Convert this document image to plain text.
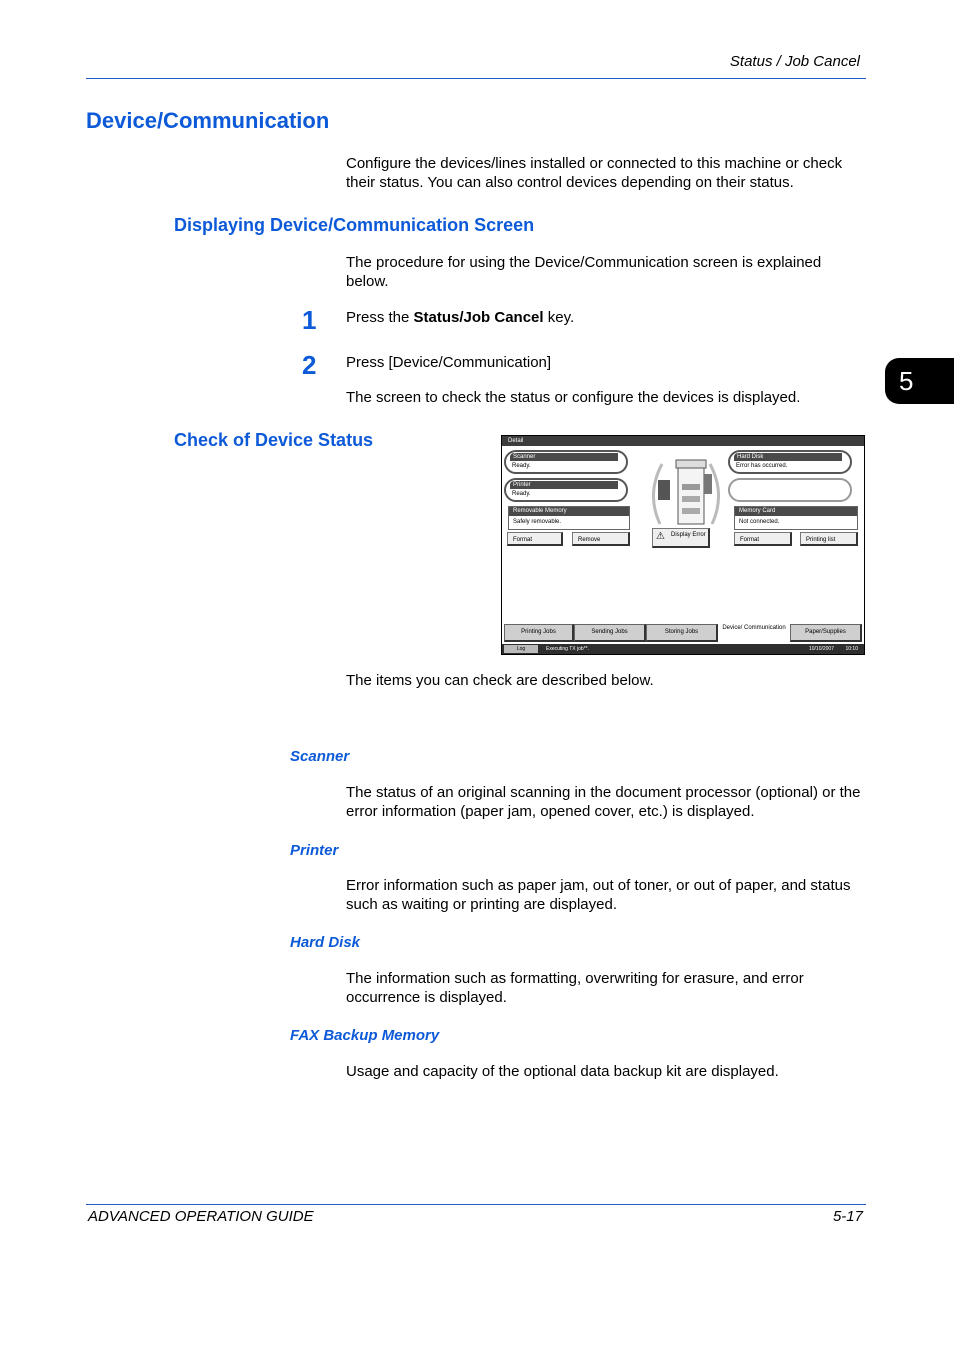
Status / Job Cancel
5
Device/Communication
Configure the devices/lines installed or connected to this machine or check their status. You can also control devices depending on their status.
Displaying Device/Communication Screen
The procedure for using the Device/Communication screen is explained below.
1 Press the Status/Job Cancel key.
2 Press [Device/Communication]
The screen to check the status or configure the devices is displayed.
Check of Device Status	Detail
Scanner
Ready.
Printer
Ready.
Hard Disk
Error has occurred.
Removable Memory
Safely removable.
Memory Card
Not connected.
Format	Remove	⚠ Display Error
Format	Printing list
Printing Jobs	Sending Jobs	Storing Jobs
Device/ Communication
Paper/Supplies
Log	Executing TX job**.	10/10/2007 10:10
The items you can check are described below.
Scanner
The status of an original scanning in the document processor (optional) or the error information (paper jam, opened cover, etc.) is displayed.
Printer
Error information such as paper jam, out of toner, or out of paper, and status such as waiting or printing are displayed.
Hard Disk
The information such as formatting, overwriting for erasure, and error occurrence is displayed.
FAX Backup Memory
Usage and capacity of the optional data backup kit are displayed.
ADVANCED OPERATION GUIDE	5-17
